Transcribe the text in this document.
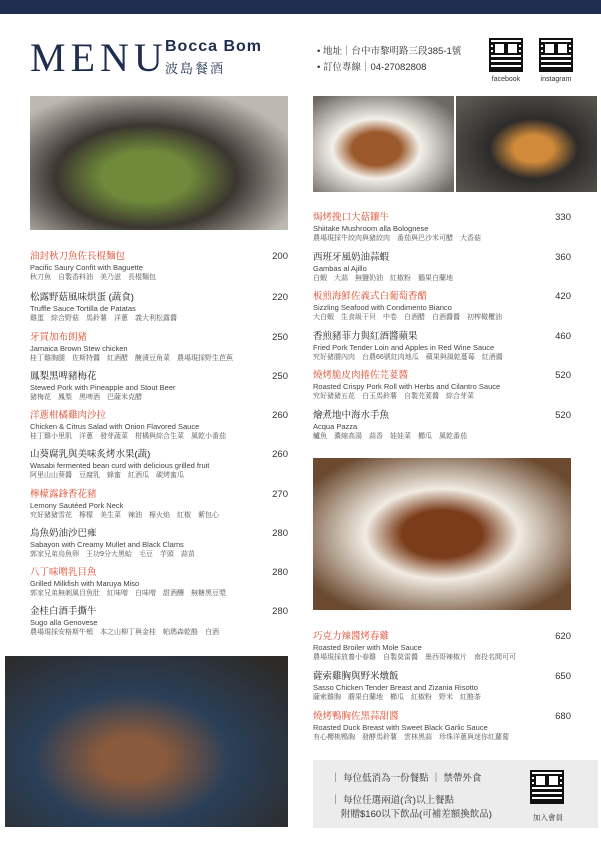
MENU
Bocca Bom
波島餐酒
• 地址｜台中市黎明路三段385-1號
• 訂位專線｜04-27082808
facebook	instagram
油封秋刀魚佐長棍麵包
Pacific Saury Confit with Baguette
秋刀魚　自製香料油　美乃滋　長棍麵包
200
松露野菇風味烘蛋 (蔬食)
Truffle Sauce Tortilla de Patatas
雞蛋　綜合野菇　馬鈴薯　洋蔥　義大利松露醬
220
牙買加布朗豬
Jamaica Brown Stew chicken
桂丁雞胸腿　佐斯特醬　紅酒醋　醃漬豆角菜　農場現採野生芭蕉
250
鳳梨黑啤豬梅花
Stewed Pork with Pineapple and Stout Beer
豬梅花　鳳梨　黑啤酒　巴薩米克醋
250
洋蔥柑橘雞肉沙拉
Chicken & Citrus Salad with Onion Flavored Sauce
桂丁雞小里肌　洋蔥　發芽蔬菜　柑橘與綜合生菜　風乾小番茄
260
山葵腐乳與美味炙烤水果(蔬)
Wasabi fermented bean curd with delicious grilled fruit
阿里山山葵醬　豆腐乳　蜂蜜　紅酒瓜　碳烤蜜瓜
260
檸檬露鋒香花豬
Lemony Sautéed Pork Neck
究好豬豬雪花　檸檬　美生菜　辣油　檸火焰　紅椒　紫包心
270
烏魚奶油沙巴雍
Sabayon with Creamy Mullet and Black Clams
郭家兄弟烏魚卵　王功9分大黑蛤　毛豆　芋頭　蒜苗
280
八丁味噌乳目魚
Grilled Milkfish with Maruya Miso
郭家兄弟無刺風目魚肚　紅味噌　白味噌　甜酒釀　無糖黑豆漿
280
金桂白酒手撕牛
Sugo alla Genovese
農場現採安格斯牛頰　本之山柳丁與金桂　帕瑪森乾酪　白酒
280
焗烤挽口大菇鑲牛
Shiitake Mushroom alla Bolognese
農場現採牛絞肉與豬絞肉　番茄與巴沙米可醋　大香菇
330
西班牙風奶油蒜蝦
Gambas al Ajillo
白蝦　大蒜　無鹽奶油　紅椒粉　鵝果白蘭地
360
板煎海鮮佐義式白葡萄香醋
Sizzling Seafood with Condimento Bianco
大白蝦　生食級干貝　中卷　白酒醋　白酒醬醬　初榨橄欖油
420
香煎豬菲力與紅酒醬蘋果
Fried Pork Tender Loin and Apples in Red Wine Sauce
究好豬腰內肉　台農66號紅肉地瓜　蘋果與風乾蔓莓　紅酒醬
460
燒烤脆皮肉捲佐芫荽醬
Roasted Crispy Pork Roll with Herbs and Cilantro Sauce
究好豬豬五花　白玉馬鈴薯　自製芫荽醬　綜合芽菜
520
燴煮地中海水手魚
Acqua Pazza
鱸魚　濃縮高湯　蒜香　娃娃菜　櫛瓜　風乾番茄
520
巧克力辣醬烤春雞
Roasted Broiler with Mole Sauce
農場現採放養小春雞　自製莫雷醬　墨西哥辣椒片　南投名間可可
620
薩索雞胸與野米燉飯
Sasso Chicken Tender Breast and Zizania Risotto
薩索雞胸　蘑果白蘭地　櫛瓜　紅椒粉　野米　紅酪茶
650
燒烤鴨胸佐黑蒜甜醬
Roasted Duck Breast with Sweet Black Garlic Sauce
有心櫻桃鴨胸　發酵馬鈴薯　雲林黑蒜　珍珠洋蔥與迷你紅蘿蔔
680
｜ 每位低消為一份餐點 ｜ 禁帶外食
｜ 每位任選兩道(含)以上餐點
附贈$160以下飲品(可補差額換飲品)	加入會員
